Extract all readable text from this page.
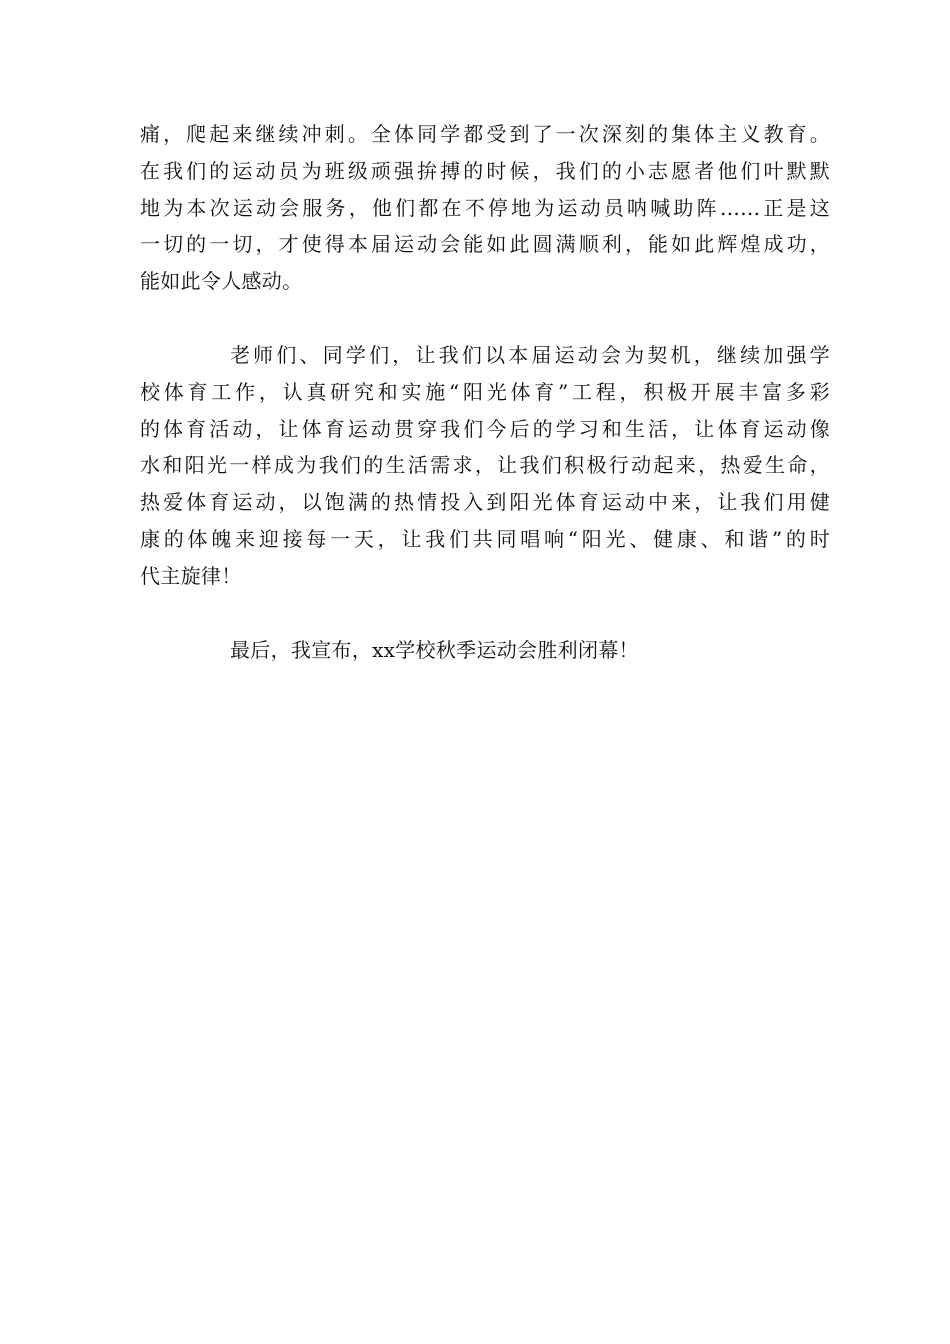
痛，爬起来继续冲刺。全体同学都受到了一次深刻的集体主义教育。
在我们的运动员为班级顽强拚搏的时候，我们的小志愿者他们叶默默
地为本次运动会服务，他们都在不停地为运动员呐喊助阵……正是这
一切的一切，才使得本届运动会能如此圆满顺利，能如此辉煌成功，
能如此令人感动。
老师们、同学们，让我们以本届运动会为契机，继续加强学
校体育工作，认真研究和实施“阳光体育”工程，积极开展丰富多彩
的体育活动，让体育运动贯穿我们今后的学习和生活，让体育运动像
水和阳光一样成为我们的生活需求，让我们积极行动起来，热爱生命，
热爱体育运动，以饱满的热情投入到阳光体育运动中来，让我们用健
康的体魄来迎接每一天，让我们共同唱响“阳光、健康、和谐”的时
代主旋律！
最后，我宣布，xx学校秋季运动会胜利闭幕！
